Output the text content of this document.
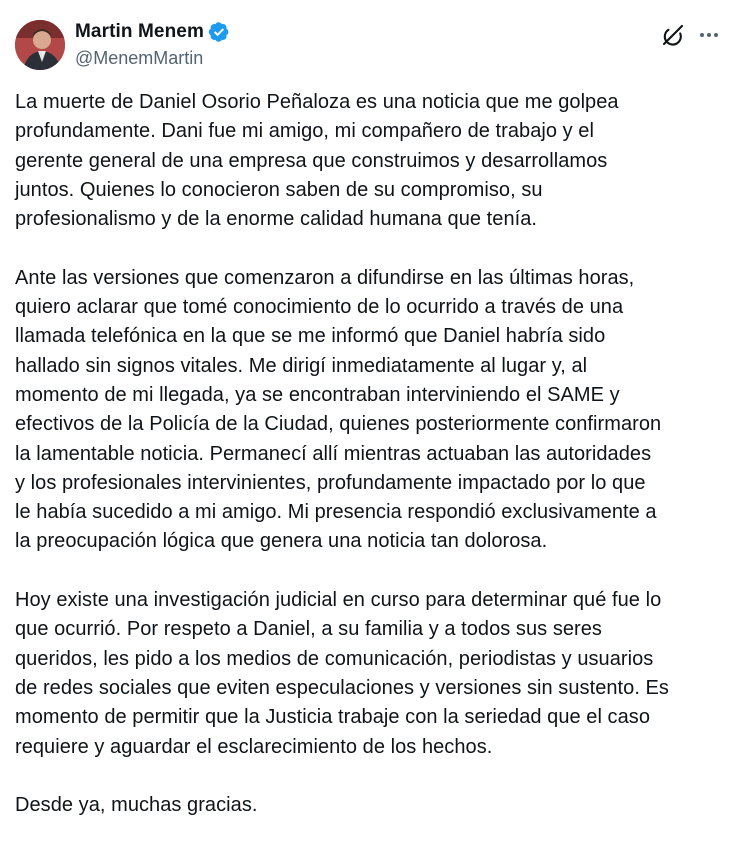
Martin Menem
@MenemMartin

La muerte de Daniel Osorio Peñaloza es una noticia que me golpea
profundamente. Dani fue mi amigo, mi compañero de trabajo y el
gerente general de una empresa que construimos y desarrollamos
juntos. Quienes lo conocieron saben de su compromiso, su
profesionalismo y de la enorme calidad humana que tenía.

Ante las versiones que comenzaron a difundirse en las últimas horas,
quiero aclarar que tomé conocimiento de lo ocurrido a través de una
llamada telefónica en la que se me informó que Daniel habría sido
hallado sin signos vitales. Me dirigí inmediatamente al lugar y, al
momento de mi llegada, ya se encontraban interviniendo el SAME y
efectivos de la Policía de la Ciudad, quienes posteriormente confirmaron
la lamentable noticia. Permanecí allí mientras actuaban las autoridades
y los profesionales intervinientes, profundamente impactado por lo que
le había sucedido a mi amigo. Mi presencia respondió exclusivamente a
la preocupación lógica que genera una noticia tan dolorosa.

Hoy existe una investigación judicial en curso para determinar qué fue lo
que ocurrió. Por respeto a Daniel, a su familia y a todos sus seres
queridos, les pido a los medios de comunicación, periodistas y usuarios
de redes sociales que eviten especulaciones y versiones sin sustento. Es
momento de permitir que la Justicia trabaje con la seriedad que el caso
requiere y aguardar el esclarecimiento de los hechos.

Desde ya, muchas gracias.
